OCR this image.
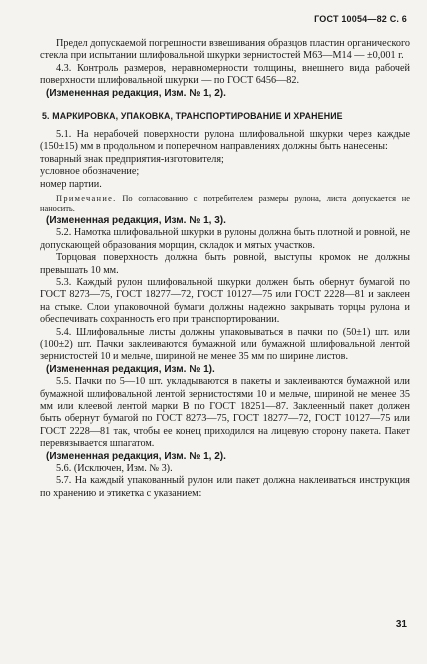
ГОСТ 10054—82 С. 6

Предел допускаемой погрешности взвешивания образцов пластин органического стекла при испытании шлифовальной шкурки зернистостей М63—М14 — ±0,001 г.

4.3. Контроль размеров, неравномерности толщины, внешнего вида рабочей поверхности шлифовальной шкурки — по ГОСТ 6456—82.

(Измененная редакция, Изм. № 1, 2).

5. МАРКИРОВКА, УПАКОВКА, ТРАНСПОРТИРОВАНИЕ И ХРАНЕНИЕ

5.1. На нерабочей поверхности рулона шлифовальной шкурки через каждые (150±15) мм в продольном и поперечном направлениях должны быть нанесены:

товарный знак предприятия-изготовителя;

условное обозначение;

номер партии.

Примечание. По согласованию с потребителем размеры рулона, листа допускается не наносить.

(Измененная редакция, Изм. № 1, 3).

5.2. Намотка шлифовальной шкурки в рулоны должна быть плотной и ровной, не допускающей образования морщин, складок и мятых участков.

Торцовая поверхность должна быть ровной, выступы кромок не должны превышать 10 мм.

5.3. Каждый рулон шлифовальной шкурки должен быть обернут бумагой по ГОСТ 8273—75, ГОСТ 18277—72, ГОСТ 10127—75 или ГОСТ 2228—81 и заклеен на стыке. Слои упаковочной бумаги должны надежно закрывать торцы рулона и обеспечивать сохранность его при транспортировании.

5.4. Шлифовальные листы должны упаковываться в пачки по (50±1) шт. или (100±2) шт. Пачки заклеиваются бумажной или бумажной шлифовальной лентой зернистостей 10 и мельче, шириной не менее 35 мм по ширине листов.

(Измененная редакция, Изм. № 1).

5.5. Пачки по 5—10 шт. укладываются в пакеты и заклеиваются бумажной или бумажной шлифовальной лентой зернистостями 10 и мельче, шириной не менее 35 мм или клеевой лентой марки В по ГОСТ 18251—87. Заклеенный пакет должен быть обернут бумагой по ГОСТ 8273—75, ГОСТ 18277—72, ГОСТ 10127—75 или ГОСТ 2228—81 так, чтобы ее конец приходился на лицевую сторону пакета. Пакет перевязывается шпагатом.

(Измененная редакция, Изм. № 1, 2).

5.6. (Исключен, Изм. № 3).

5.7. На каждый упакованный рулон или пакет должна наклеиваться инструкция по хранению и этикетка с указанием:

31
